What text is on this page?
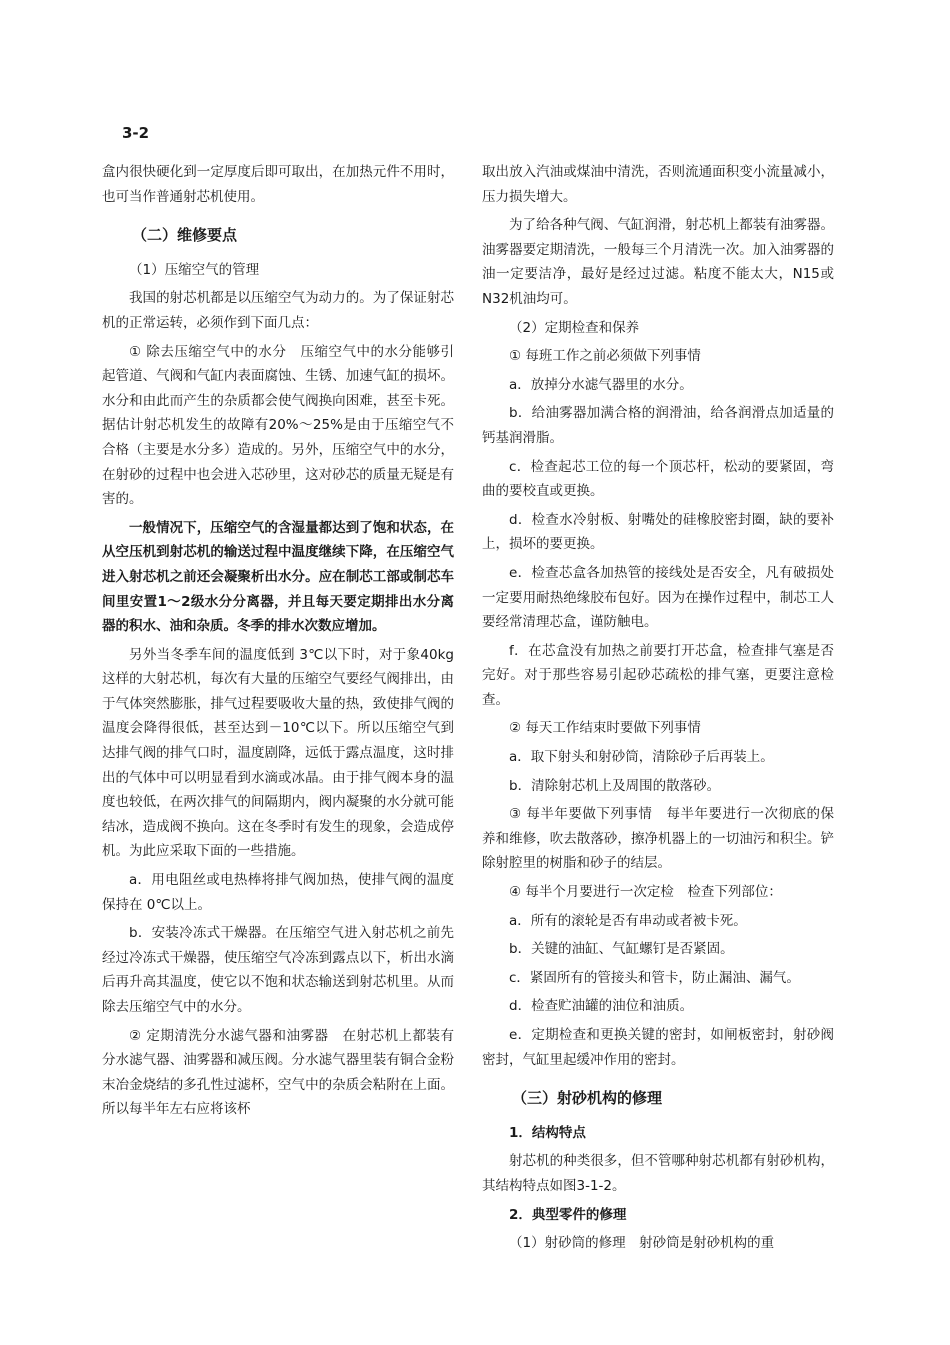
3-2

盒内很快硬化到一定厚度后即可取出，在加热元件不用时，也可当作普通射芯机使用。

（二）维修要点

（1）压缩空气的管理

我国的射芯机都是以压缩空气为动力的。为了保证射芯机的正常运转，必须作到下面几点：

① 除去压缩空气中的水分　压缩空气中的水分能够引起管道、气阀和气缸内表面腐蚀、生锈、加速气缸的损坏。水分和由此而产生的杂质都会使气阀换向困难，甚至卡死。据估计射芯机发生的故障有20%～25%是由于压缩空气不合格（主要是水分多）造成的。另外，压缩空气中的水分，在射砂的过程中也会进入芯砂里，这对砂芯的质量无疑是有害的。

一般情况下，压缩空气的含湿量都达到了饱和状态，在从空压机到射芯机的输送过程中温度继续下降，在压缩空气进入射芯机之前还会凝聚析出水分。应在制芯工部或制芯车间里安置1～2级水分分离器，并且每天要定期排出水分离器的积水、油和杂质。冬季的排水次数应增加。

另外当冬季车间的温度低到 3℃以下时，对于象40kg这样的大射芯机，每次有大量的压缩空气要经气阀排出，由于气体突然膨胀，排气过程要吸收大量的热，致使排气阀的温度会降得很低，甚至达到－10℃以下。所以压缩空气到达排气阀的排气口时，温度剧降，远低于露点温度，这时排出的气体中可以明显看到水滴或冰晶。由于排气阀本身的温度也较低，在两次排气的间隔期内，阀内凝聚的水分就可能结冰，造成阀不换向。这在冬季时有发生的现象，会造成停机。为此应采取下面的一些措施。

a．用电阻丝或电热棒将排气阀加热，使排气阀的温度保持在 0℃以上。

b．安装冷冻式干燥器。在压缩空气进入射芯机之前先经过冷冻式干燥器，使压缩空气冷冻到露点以下，析出水滴后再升高其温度，使它以不饱和状态输送到射芯机里。从而除去压缩空气中的水分。

② 定期清洗分水滤气器和油雾器　在射芯机上都装有分水滤气器、油雾器和减压阀。分水滤气器里装有铜合金粉末冶金烧结的多孔性过滤杯，空气中的杂质会粘附在上面。所以每半年左右应将该杯

取出放入汽油或煤油中清洗，否则流通面积变小流量减小，压力损失增大。

为了给各种气阀、气缸润滑，射芯机上都装有油雾器。油雾器要定期清洗，一般每三个月清洗一次。加入油雾器的油一定要洁净，最好是经过过滤。粘度不能太大，N15或N32机油均可。

（2）定期检查和保养

① 每班工作之前必须做下列事情

a．放掉分水滤气器里的水分。

b．给油雾器加满合格的润滑油，给各润滑点加适量的钙基润滑脂。

c．检查起芯工位的每一个顶芯杆，松动的要紧固，弯曲的要校直或更换。

d．检查水冷射板、射嘴处的硅橡胶密封圈，缺的要补上，损坏的要更换。

e．检查芯盒各加热管的接线处是否安全，凡有破损处一定要用耐热绝缘胶布包好。因为在操作过程中，制芯工人要经常清理芯盒，谨防触电。

f．在芯盒没有加热之前要打开芯盒，检查排气塞是否完好。对于那些容易引起砂芯疏松的排气塞，更要注意检查。

② 每天工作结束时要做下列事情

a．取下射头和射砂筒，清除砂子后再装上。

b．清除射芯机上及周围的散落砂。

③ 每半年要做下列事情　每半年要进行一次彻底的保养和维修，吹去散落砂，擦净机器上的一切油污和积尘。铲除射腔里的树脂和砂子的结层。

④ 每半个月要进行一次定检　检查下列部位：

a．所有的滚轮是否有串动或者被卡死。

b．关键的油缸、气缸螺钉是否紧固。

c．紧固所有的管接头和管卡，防止漏油、漏气。

d．检查贮油罐的油位和油质。

e．定期检查和更换关键的密封，如闸板密封，射砂阀密封，气缸里起缓冲作用的密封。

（三）射砂机构的修理

1．结构特点

射芯机的种类很多，但不管哪种射芯机都有射砂机构，其结构特点如图3-1-2。

2．典型零件的修理

（1）射砂筒的修理　射砂筒是射砂机构的重
